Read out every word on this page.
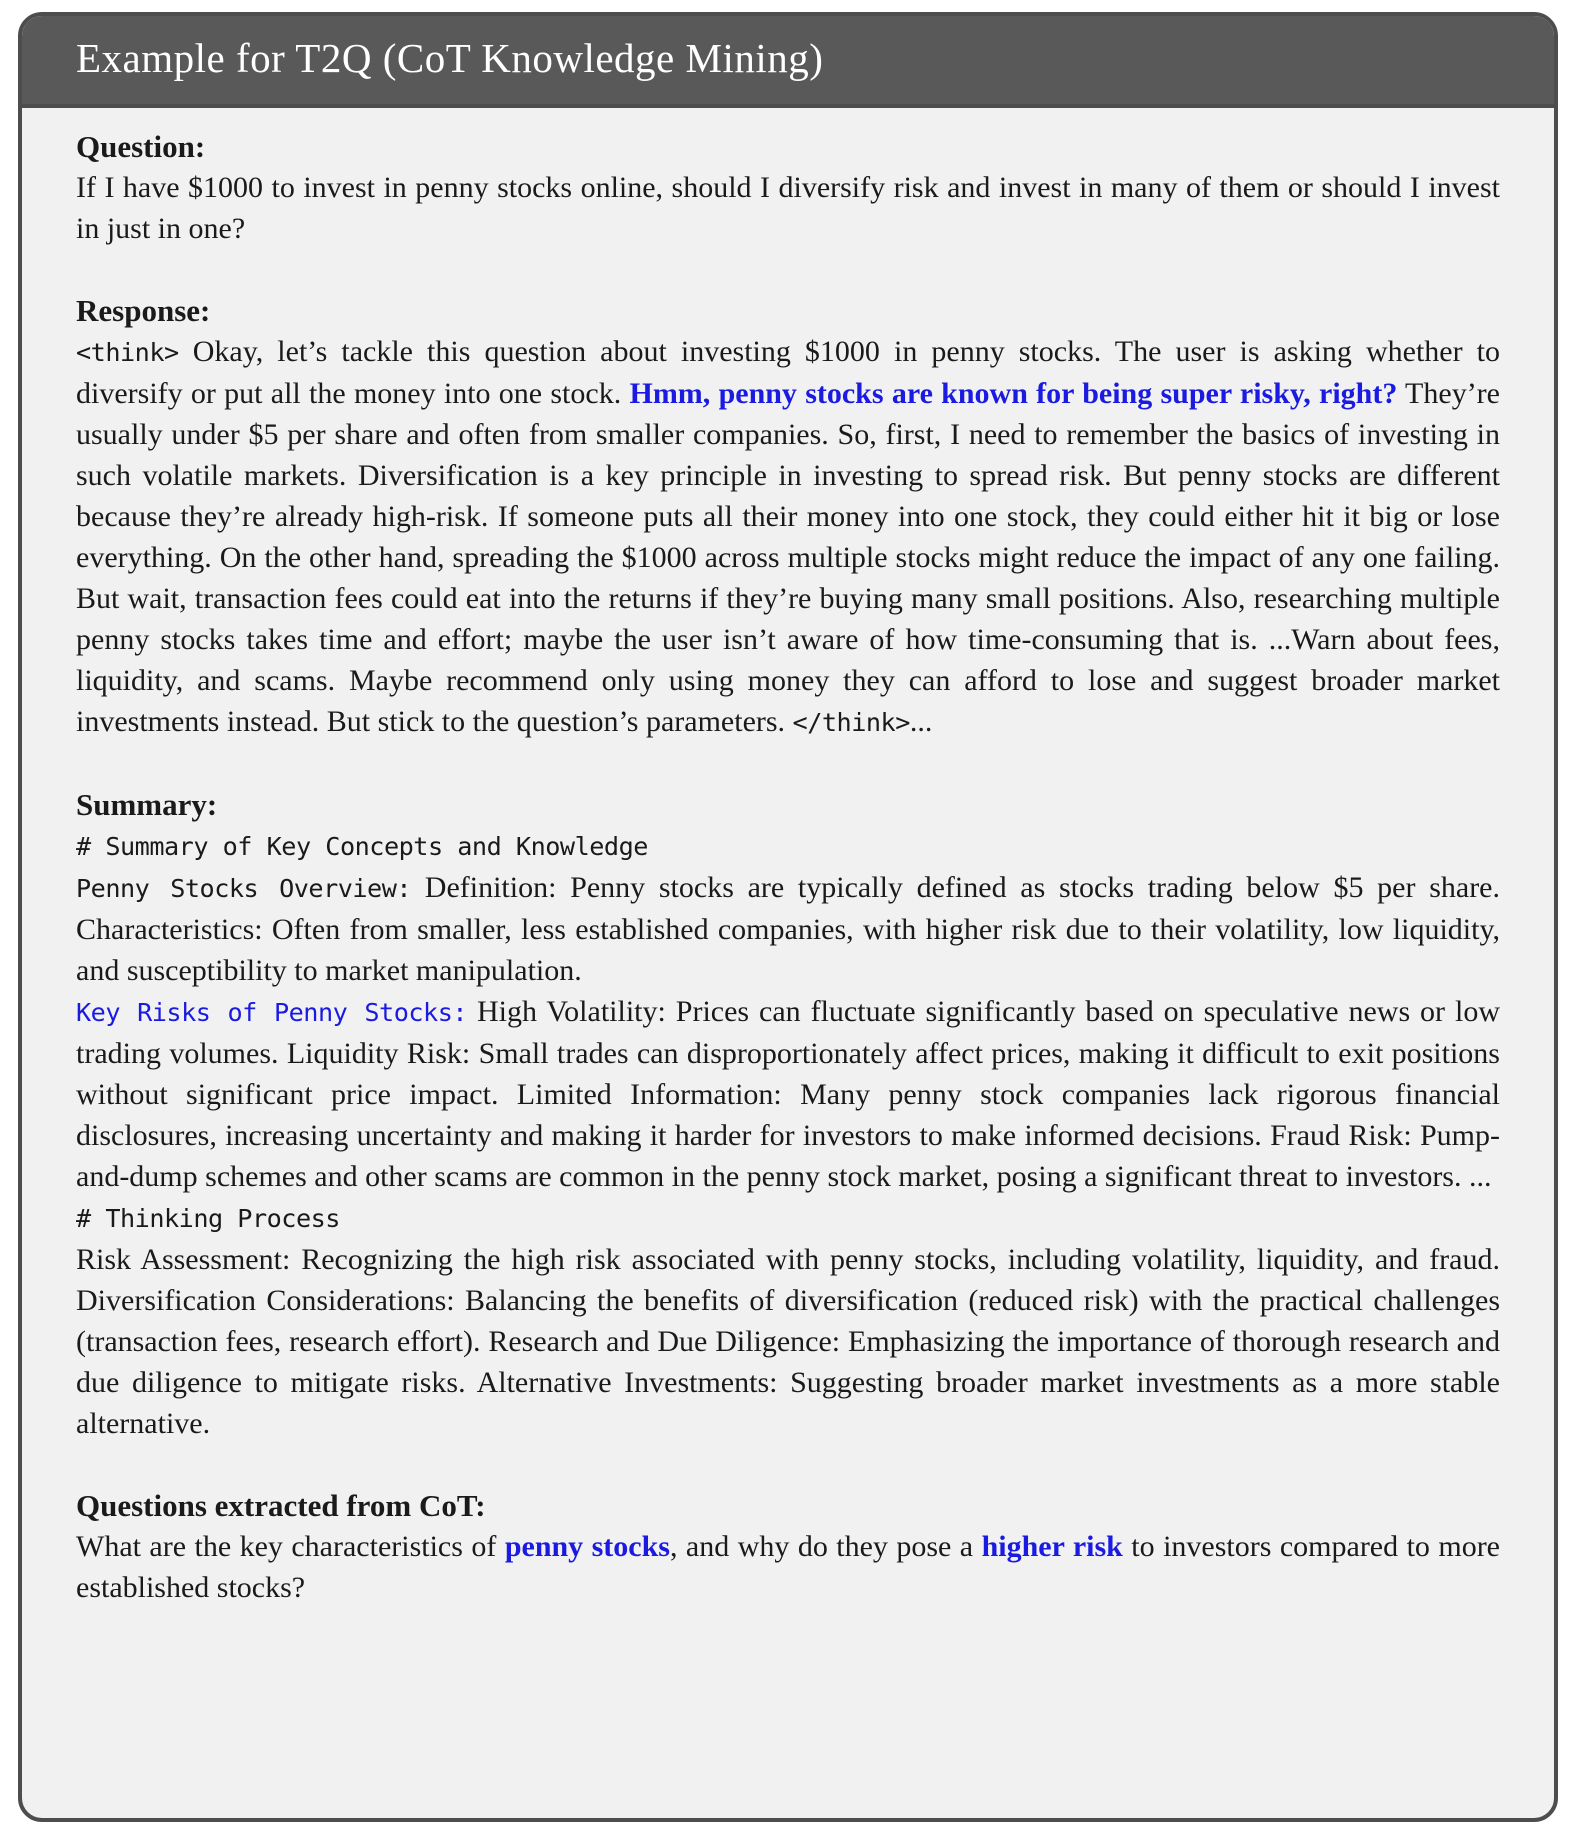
Example for T2Q (CoT Knowledge Mining)
Question:

If I have $1000 to invest in penny stocks online, should I diversify risk and invest in many of them or should I invest in just in one?

Response:

<think> Okay, let’s tackle this question about investing $1000 in penny stocks. The user is asking whether to diversify or put all the money into one stock. Hmm, penny stocks are known for being super risky, right? They’re usually under $5 per share and often from smaller companies. So, first, I need to remember the basics of investing in such volatile markets. Diversification is a key principle in investing to spread risk. But penny stocks are different because they’re already high-risk. If someone puts all their money into one stock, they could either hit it big or lose everything. On the other hand, spreading the $1000 across multiple stocks might reduce the impact of any one failing. But wait, transaction fees could eat into the returns if they’re buying many small positions. Also, researching multiple penny stocks takes time and effort; maybe the user isn’t aware of how time-consuming that is. ...Warn about fees, liquidity, and scams. Maybe recommend only using money they can afford to lose and suggest broader market investments instead. But stick to the question’s parameters. </think>...

Summary:

# Summary of Key Concepts and Knowledge

Penny Stocks Overview: Definition: Penny stocks are typically defined as stocks trading below $5 per share. Characteristics: Often from smaller, less established companies, with higher risk due to their volatility, low liquidity, and susceptibility to market manipulation.

Key Risks of Penny Stocks: High Volatility: Prices can fluctuate significantly based on speculative news or low trading volumes. Liquidity Risk: Small trades can disproportionately affect prices, making it difficult to exit positions without significant price impact. Limited Information: Many penny stock companies lack rigorous financial disclosures, increasing uncertainty and making it harder for investors to make informed decisions. Fraud Risk: Pump-and-dump schemes and other scams are common in the penny stock market, posing a significant threat to investors. ...

# Thinking Process

Risk Assessment: Recognizing the high risk associated with penny stocks, including volatility, liquidity, and fraud. Diversification Considerations: Balancing the benefits of diversification (reduced risk) with the practical challenges (transaction fees, research effort). Research and Due Diligence: Emphasizing the importance of thorough research and due diligence to mitigate risks. Alternative Investments: Suggesting broader market investments as a more stable alternative.

Questions extracted from CoT:

What are the key characteristics of penny stocks, and why do they pose a higher risk to investors compared to more established stocks?
